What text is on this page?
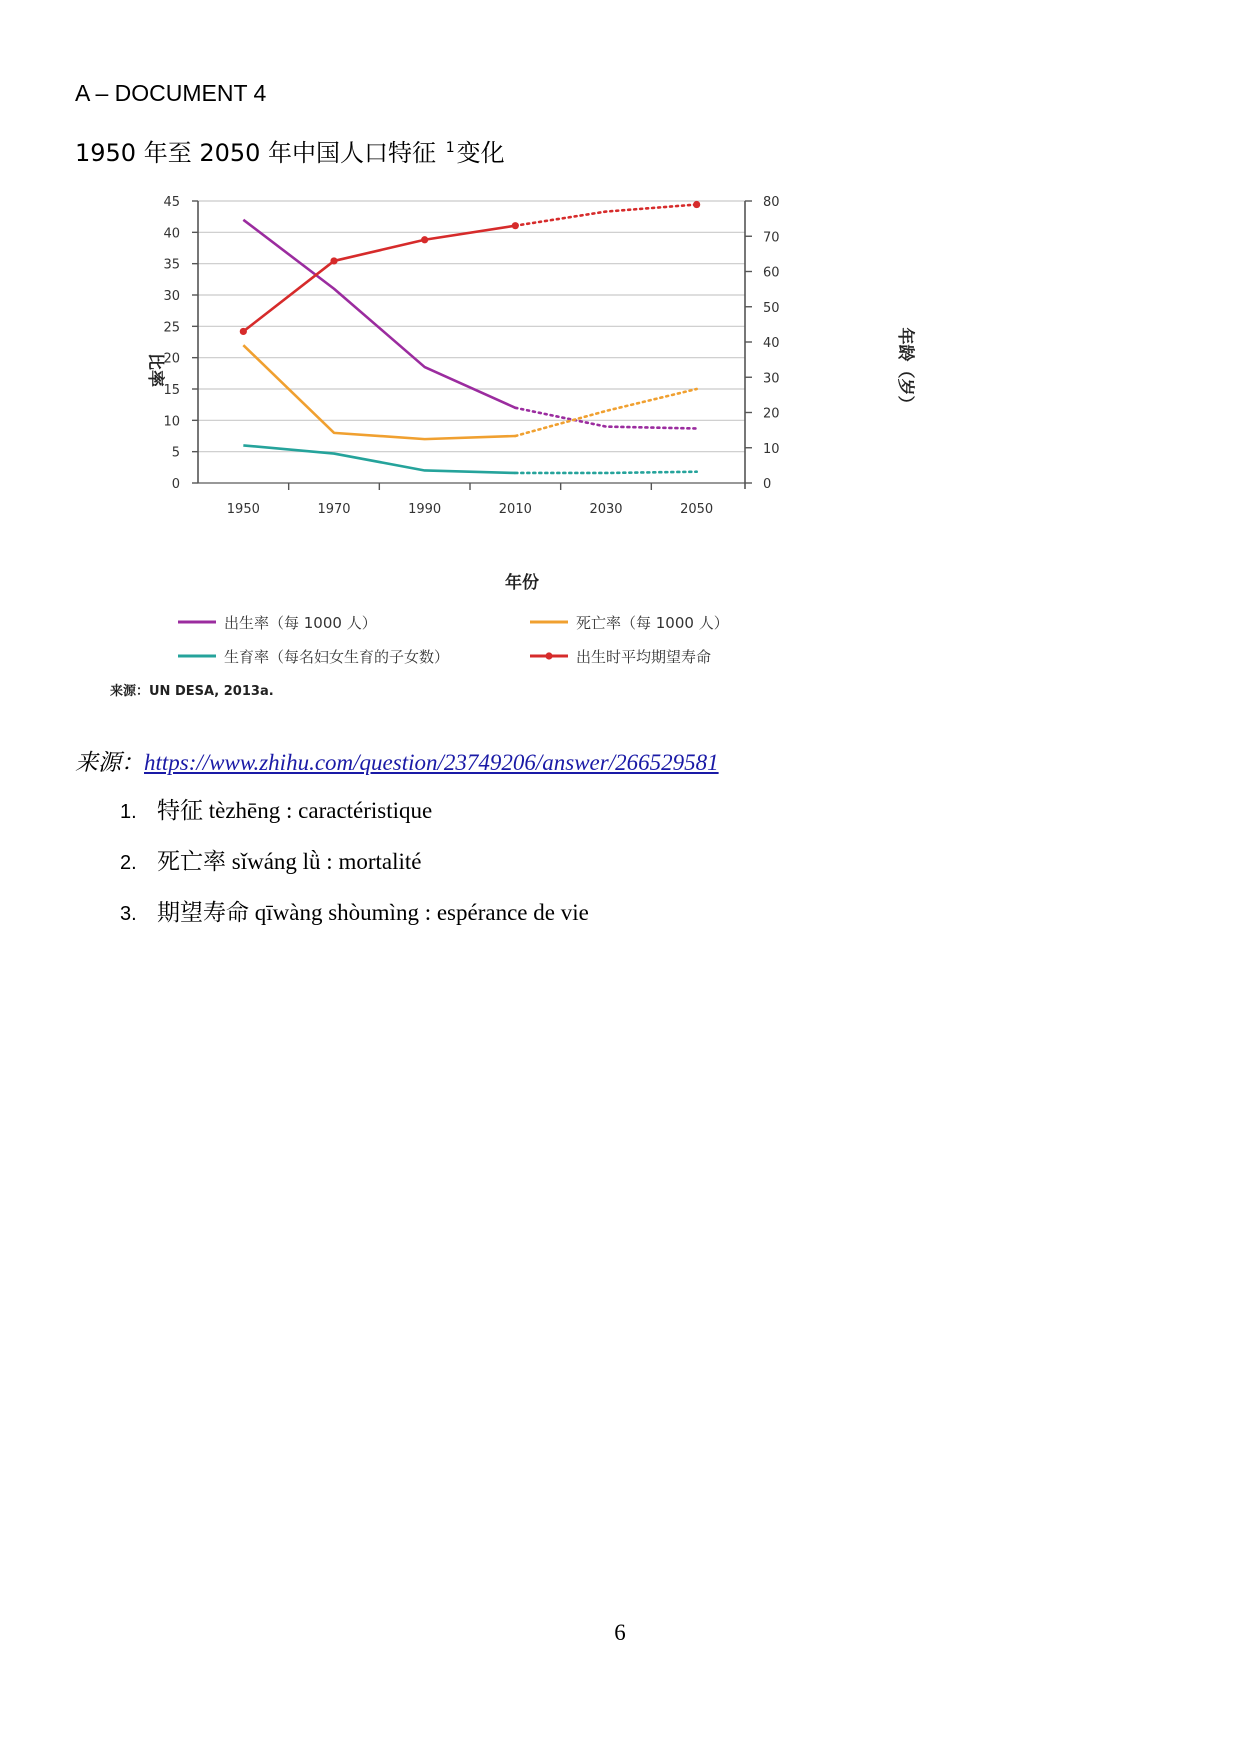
A – DOCUMENT 4
1950 年至 2050 年中国人口特征 $^1$变化
0
5
10
15
20
25
30
35
40
45
0
10
20
30
40
50
60
70
80
1950	1970	1990	2010	2030	2050
年份
比率	年龄（岁）
出生率（每 1000 人）	死亡率（每 1000 人）
生育率（每名妇女生育的子女数）	出生时平均期望寿命
来源：UN DESA, 2013a.
来源：https://www.zhihu.com/question/23749206/answer/266529581
1. 特征 tèzhēng : caractéristique
2. 死亡率 sǐwáng lǜ : mortalité
3. 期望寿命 qīwàng shòumìng : espérance de vie
6
